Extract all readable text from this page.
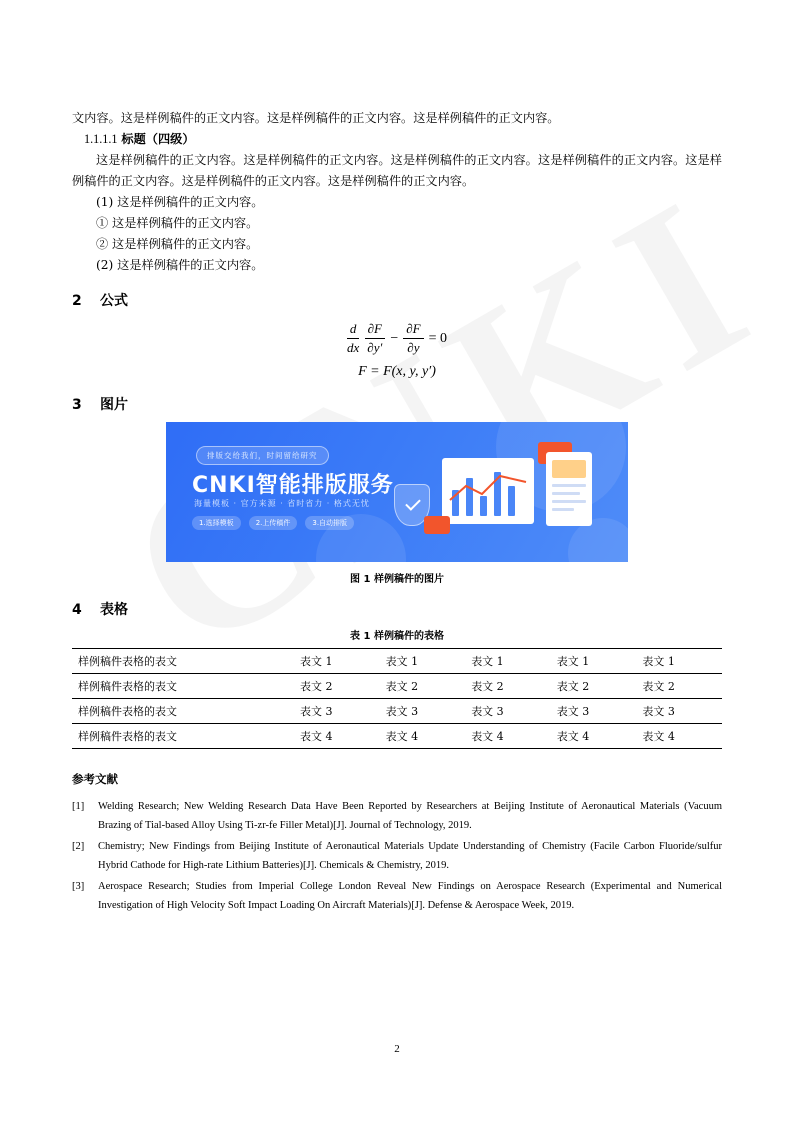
文内容。这是样例稿件的正文内容。这是样例稿件的正文内容。这是样例稿件的正文内容。

1.1.1.1 标题（四级）

这是样例稿件的正文内容。这是样例稿件的正文内容。这是样例稿件的正文内容。这是样例稿件的正文内容。这是样例稿件的正文内容。这是样例稿件的正文内容。这是样例稿件的正文内容。

(1) 这是样例稿件的正文内容。

① 这是样例稿件的正文内容。

② 这是样例稿件的正文内容。

(2) 这是样例稿件的正文内容。

2	公式
$\frac{d}{dx} \frac{\partial F}{\partial y'} - \frac{\partial F}{\partial y} = 0$
F = F(x, y, y′)
3	图片
排版交给我们，时间留给研究
CNKI智能排版服务
海量模板 · 官方来源 · 省时省力 · 格式无忧
1.选择模板	2.上传稿件	3.自动排版
图 1 样例稿件的图片
4	表格
表 1 样例稿件的表格
样例稿件表格的表文	表文 1	表文 1	表文 1	表文 1	表文 1
样例稿件表格的表文	表文 2	表文 2	表文 2	表文 2	表文 2
样例稿件表格的表文	表文 3	表文 3	表文 3	表文 3	表文 3
样例稿件表格的表文	表文 4	表文 4	表文 4	表文 4	表文 4
参考文献
[1]	Welding Research; New Welding Research Data Have Been Reported by Researchers at Beijing Institute of Aeronautical Materials (Vacuum Brazing of Tial-based Alloy Using Ti-zr-fe Filler Metal)[J]. Journal of Technology, 2019.
[2]	Chemistry; New Findings from Beijing Institute of Aeronautical Materials Update Understanding of Chemistry (Facile Carbon Fluoride/sulfur Hybrid Cathode for High-rate Lithium Batteries)[J]. Chemicals & Chemistry, 2019.
[3]	Aerospace Research; Studies from Imperial College London Reveal New Findings on Aerospace Research (Experimental and Numerical Investigation of High Velocity Soft Impact Loading On Aircraft Materials)[J]. Defense & Aerospace Week, 2019.
2
